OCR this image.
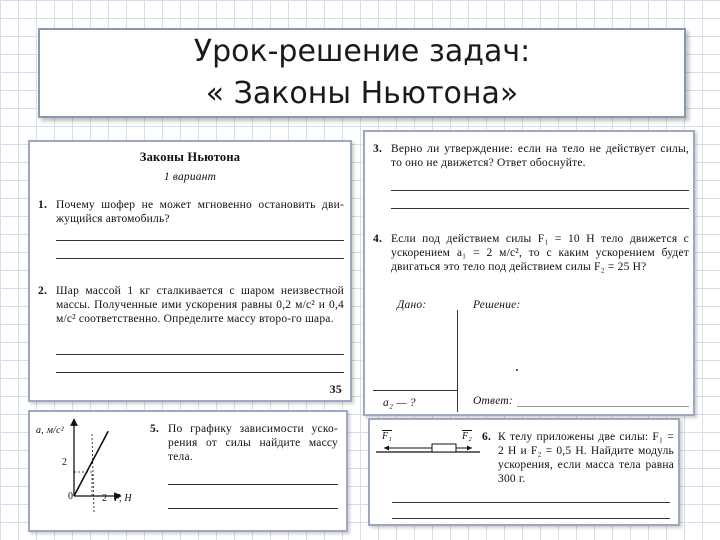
Урок-решение задач:
« Законы Ньютона»
Законы Ньютона
1 вариант
1. Почему шофер не может мгновенно остановить дви-жущийся автомобиль?
2. Шар массой 1 кг сталкивается с шаром неизвестной массы. Полученные ими ускорения равны 0,2 м/с² и 0,4 м/с² соответственно. Определите массу второ-го шара.
35
3. Верно ли утверждение: если на тело не действует силы, то оно не движется? Ответ обоснуйте.
4. Если под действием силы F₁ = 10 Н тело движется с ускорением a₁ = 2 м/с², то с каким ускорением будет двигаться это тело под действием силы F₂ = 25 Н?
Дано:	Решение:
·
a₂ — ?	Ответ:
a, м/с²
2
0	2 F, Н
5. По графику зависимости уско-рения от силы найдите массу тела.
F₁	F₂ 6. К телу приложены две силы: F₁ = 2 Н и F₂ = 0,5 Н. Найдите модуль ускорения, если масса тела равна 300 г.
